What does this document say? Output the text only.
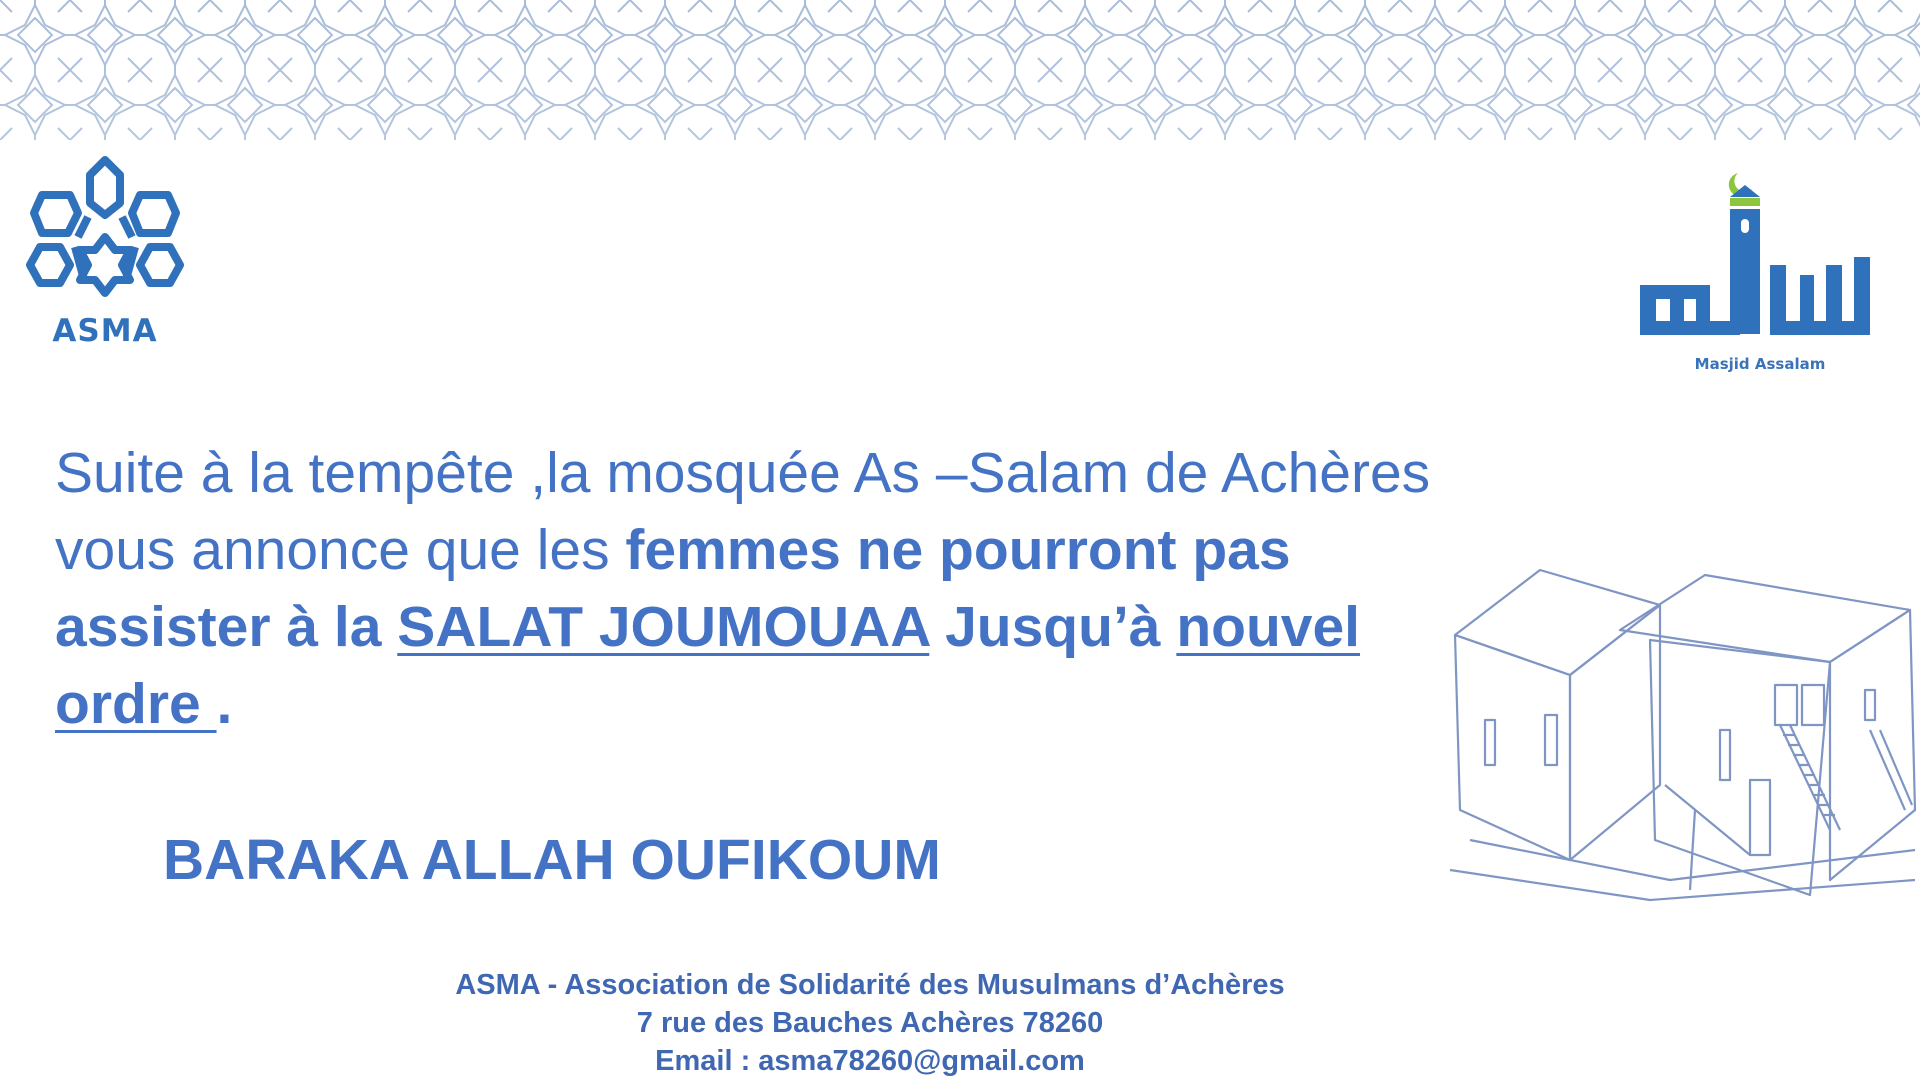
ASMA
Masjid Assalam
Suite à la tempête ,la mosquée As –Salam de Achères vous annonce que les femmes ne pourront pas assister à la SALAT JOUMOUAA Jusqu’à nouvel ordre .
BARAKA ALLAH OUFIKOUM
ASMA - Association de Solidarité des Musulmans d’Achères
7 rue des Bauches Achères 78260
Email : asma78260@gmail.com
